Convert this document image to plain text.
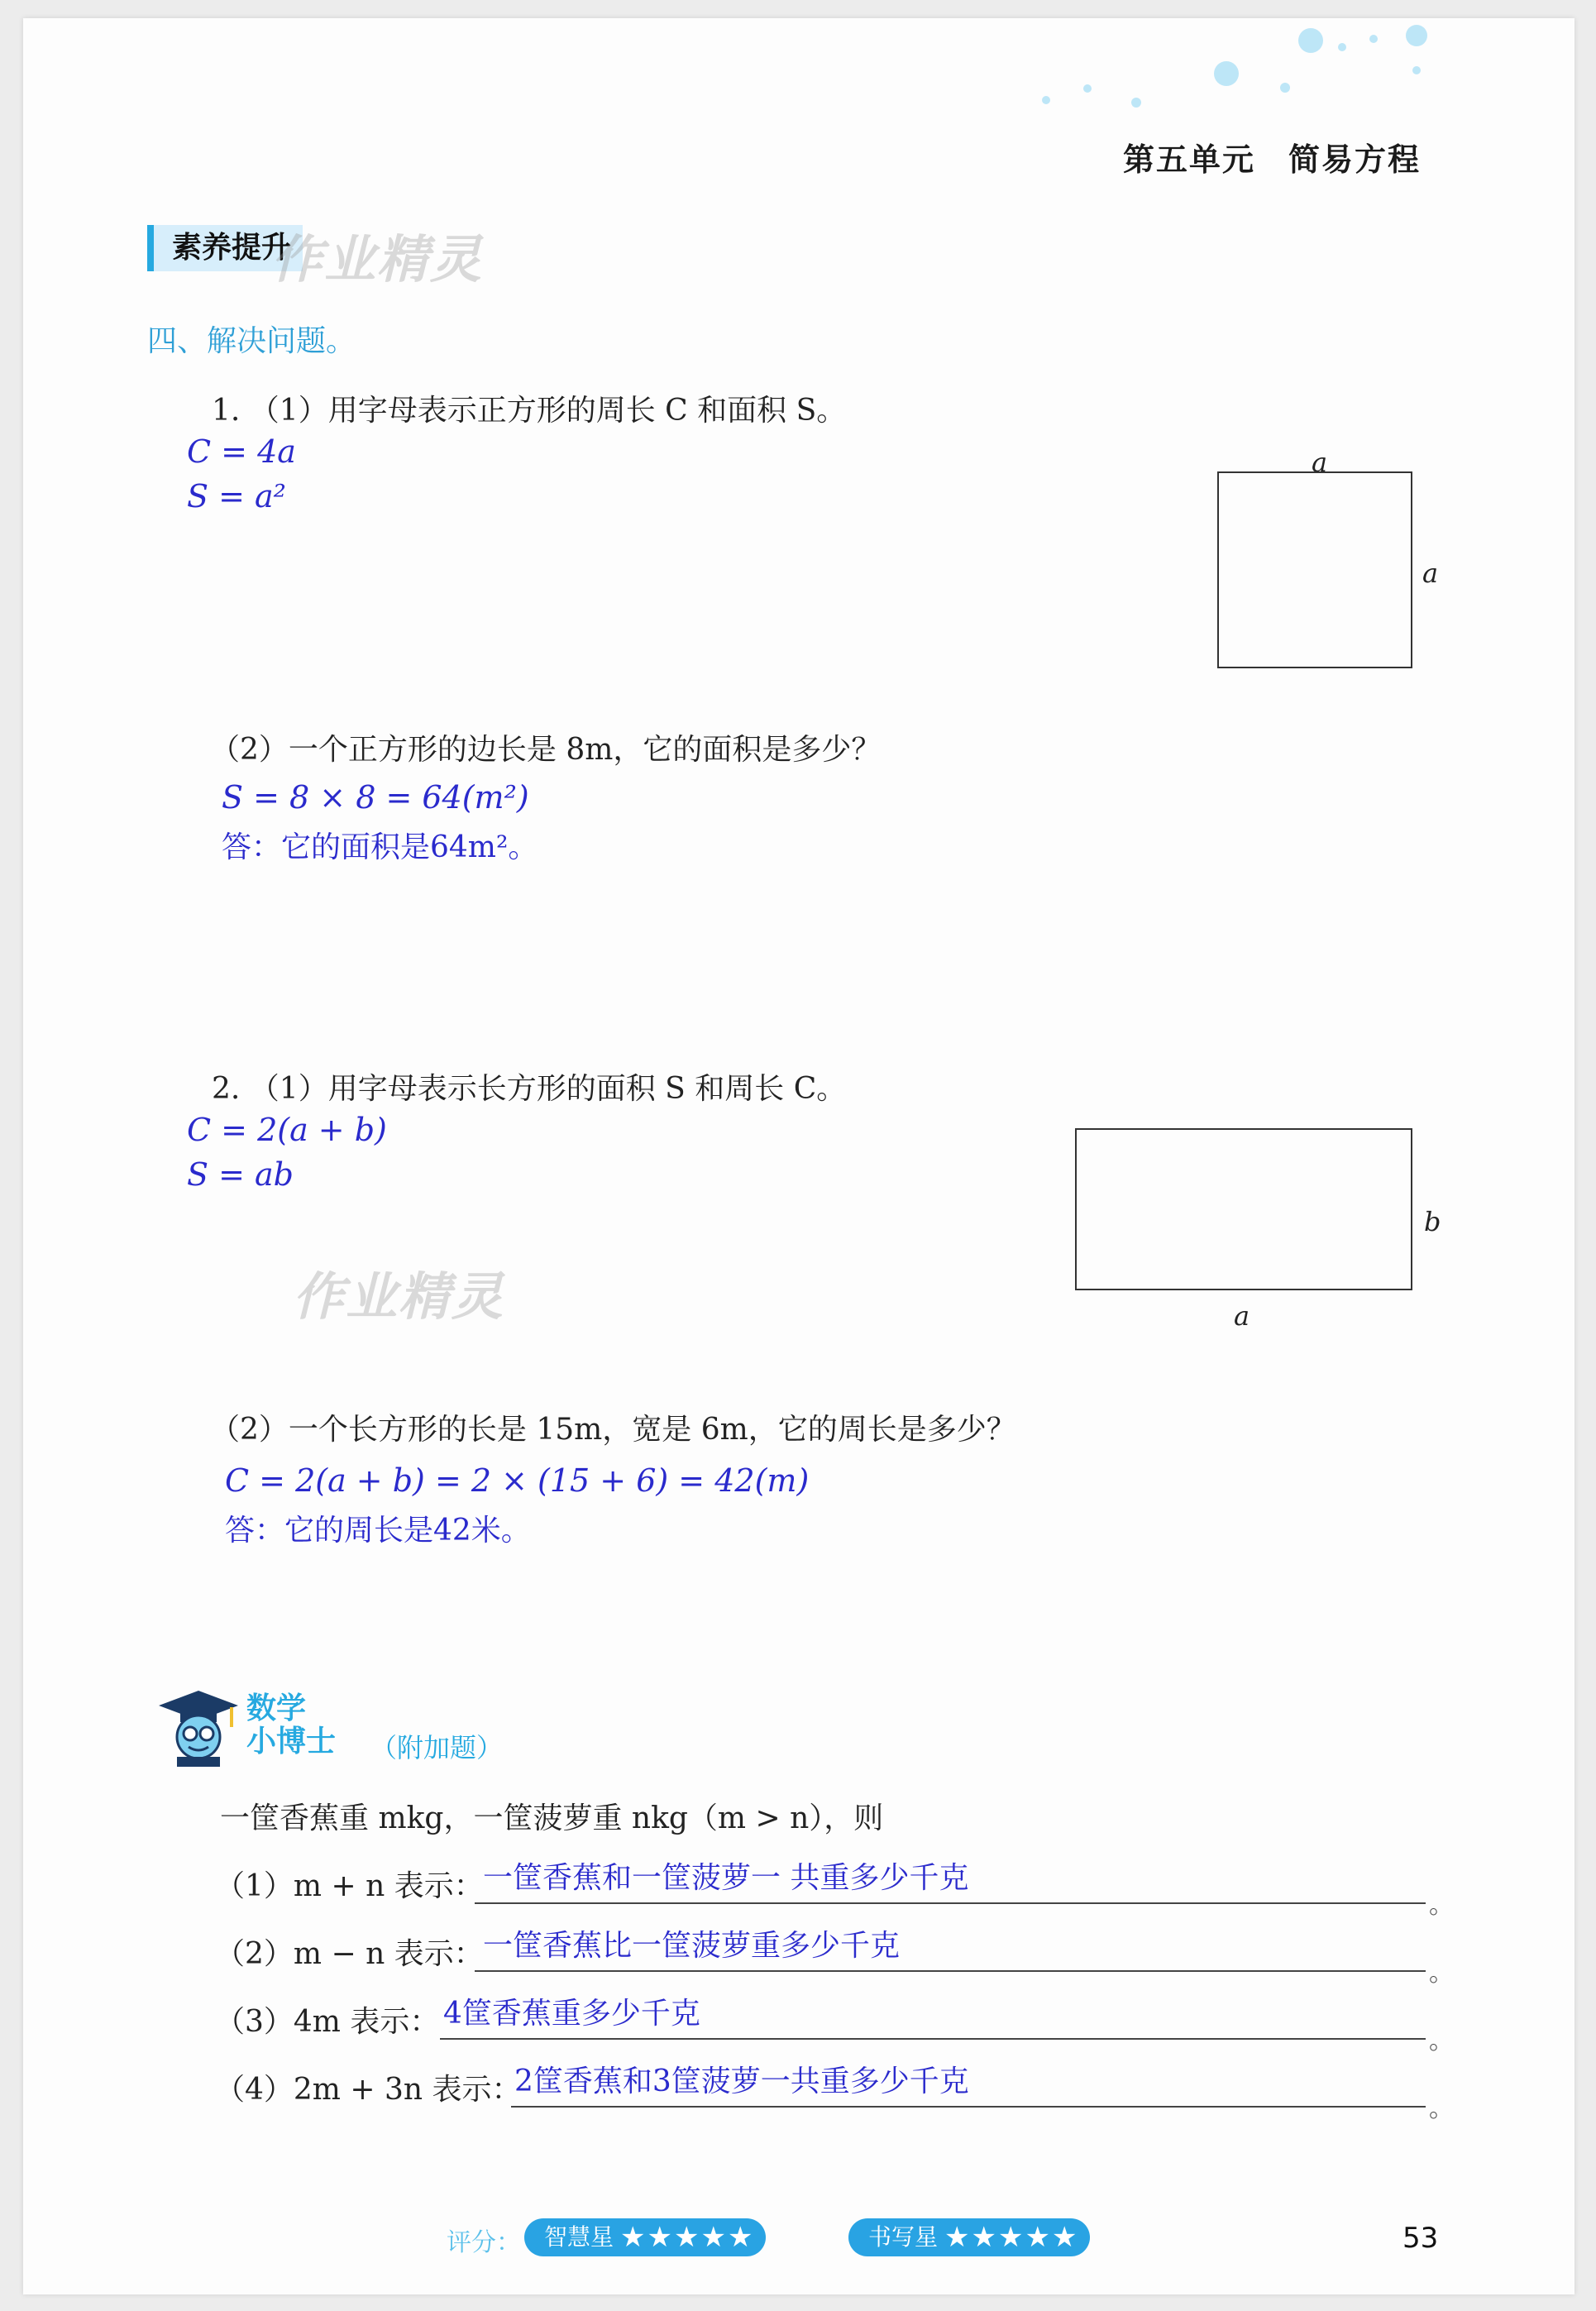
第五单元 简易方程
素养提升
作业精灵
四、解决问题。
1. （1）用字母表示正方形的周长 C 和面积 S。
C = 4a
S = a²
a
a
（2）一个正方形的边长是 8m，它的面积是多少？
S = 8 × 8 = 64(m²)
答：它的面积是64m²。
2. （1）用字母表示长方形的面积 S 和周长 C。
C = 2(a + b)
S = ab
作业精灵
b
a
（2）一个长方形的长是 15m，宽是 6m，它的周长是多少？
C = 2(a + b) = 2 × (15 + 6) = 42(m)
答：它的周长是42米。
数学
小博士 （附加题）
一筐香蕉重 mkg，一筐菠萝重 nkg（m > n），则
（1）m + n 表示： 一筐香蕉和一筐菠萝一 共重多少千克
。
（2）m − n 表示： 一筐香蕉比一筐菠萝重多少千克
。
（3）4m 表示： 4筐香蕉重多少千克
。
（4）2m + 3n 表示：
2筐香蕉和3筐菠萝一共重多少千克
。
评分：	智慧星 ★★★★★	书写星 ★★★★★	53
